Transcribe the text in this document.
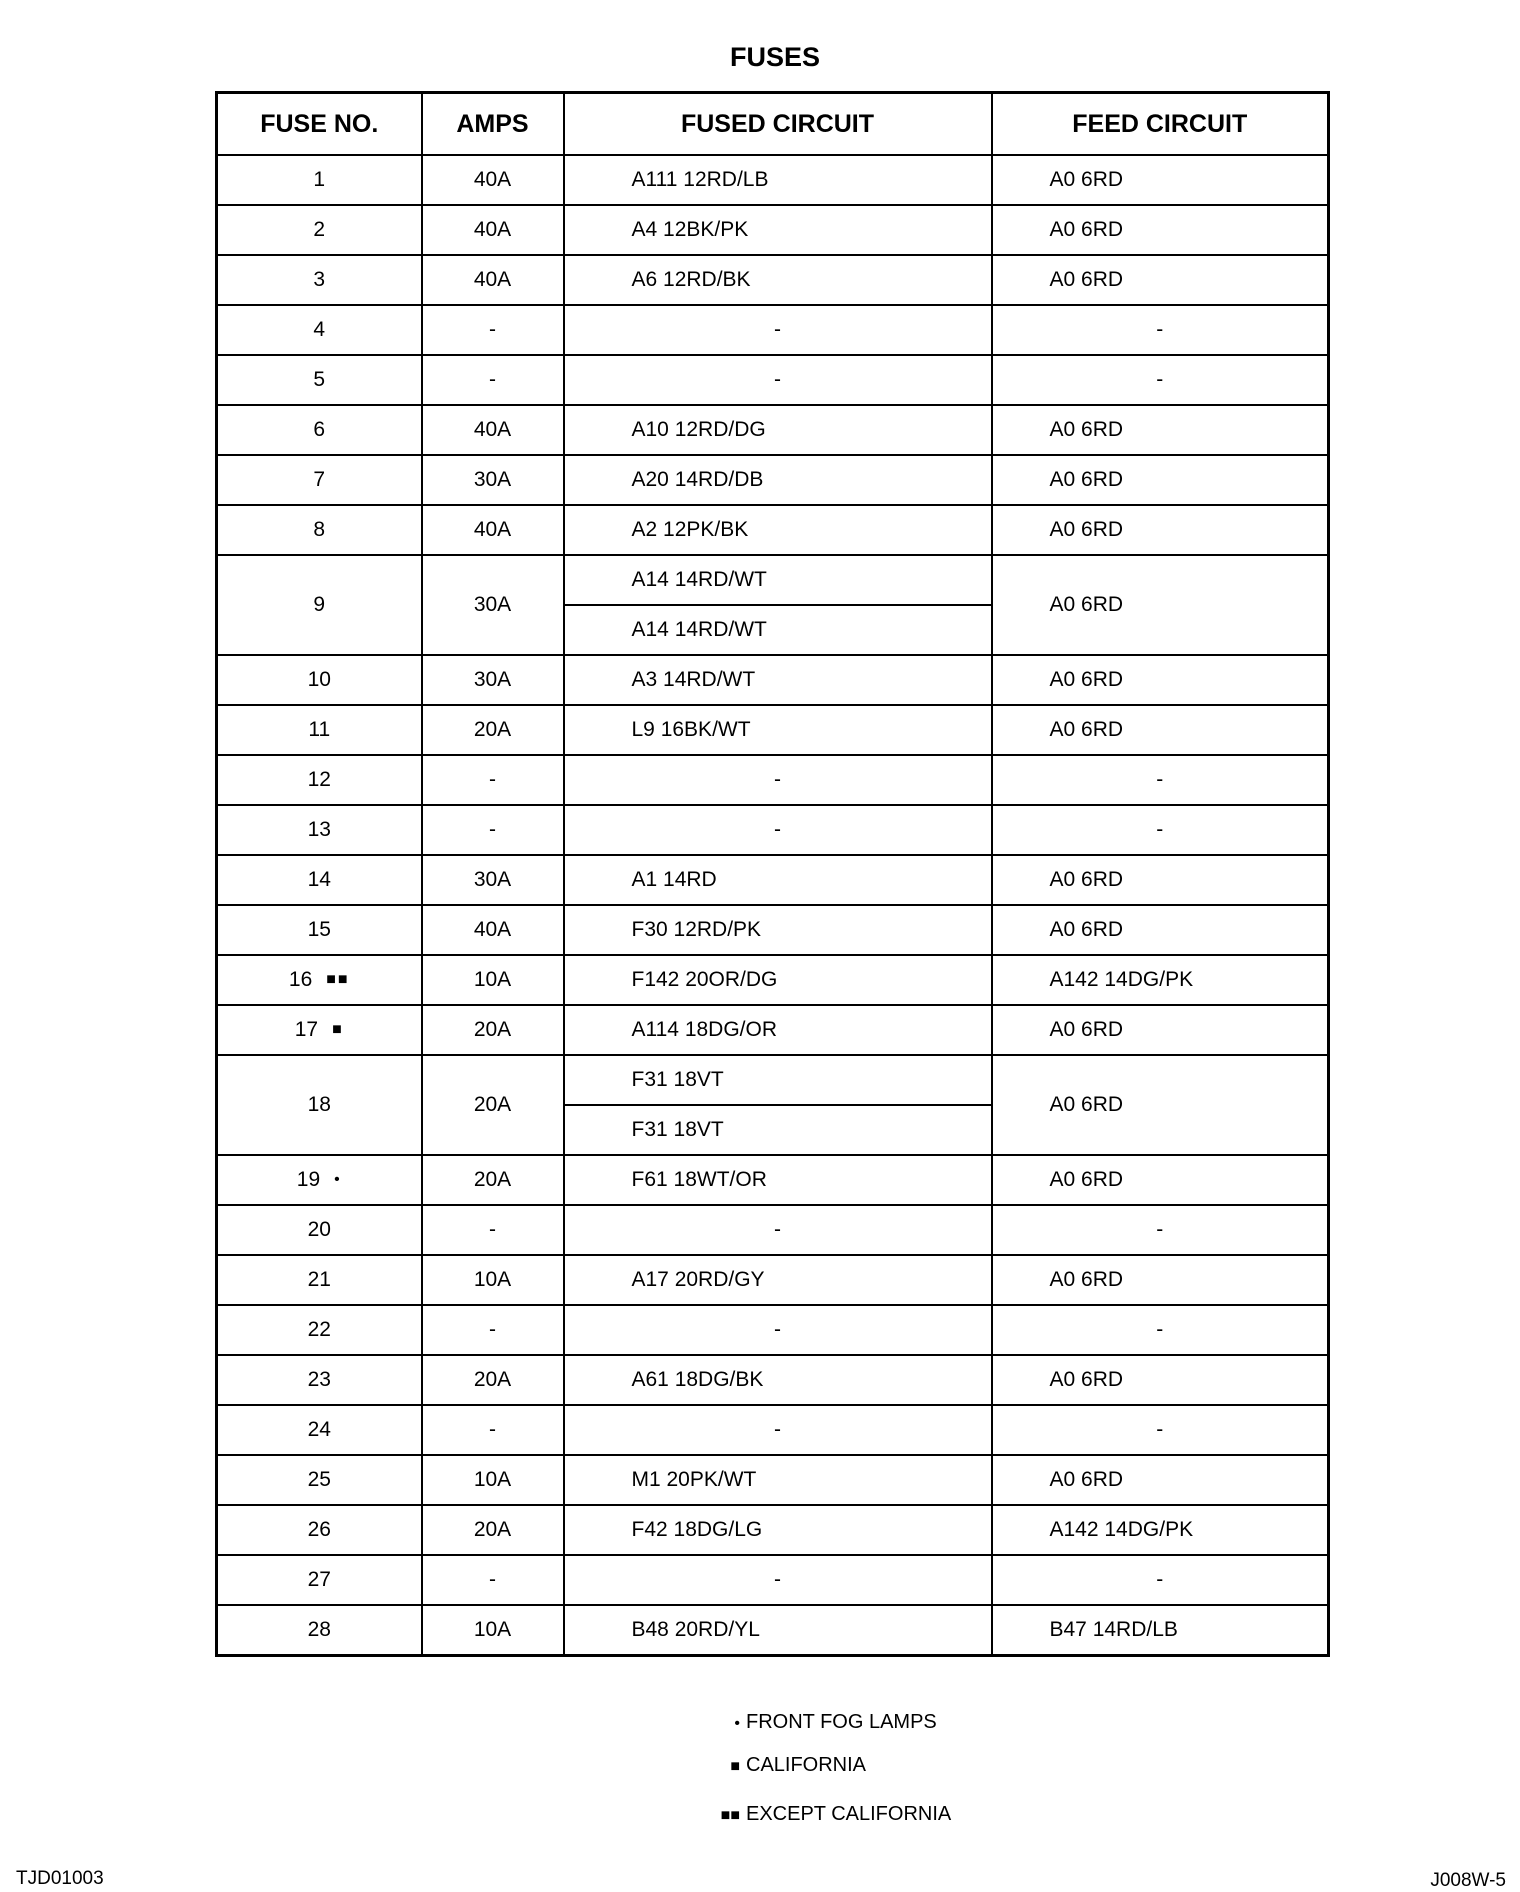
FUSES
FUSE NO.	AMPS	FUSED CIRCUIT	FEED CIRCUIT
1	40A	A111 12RD/LB	A0 6RD
2	40A	A4 12BK/PK	A0 6RD
3	40A	A6 12RD/BK	A0 6RD
4	-	-	-
5	-	-	-
6	40A	A10 12RD/DG	A0 6RD
7	30A	A20 14RD/DB	A0 6RD
8	40A	A2 12PK/BK	A0 6RD
9	30A	A14 14RD/WT	A0 6RD
		A14 14RD/WT	
10	30A	A3 14RD/WT	A0 6RD
11	20A	L9 16BK/WT	A0 6RD
12	-	-	-
13	-	-	-
14	30A	A1 14RD	A0 6RD
15	40A	F30 12RD/PK	A0 6RD
16 ■■	10A	F142 20OR/DG	A142 14DG/PK
17 ■	20A	A114 18DG/OR	A0 6RD
18	20A	F31 18VT	A0 6RD
		F31 18VT	
19 •	20A	F61 18WT/OR	A0 6RD
20	-	-	-
21	10A	A17 20RD/GY	A0 6RD
22	-	-	-
23	20A	A61 18DG/BK	A0 6RD
24	-	-	-
25	10A	M1 20PK/WT	A0 6RD
26	20A	F42 18DG/LG	A142 14DG/PK
27	-	-	-
28	10A	B48 20RD/YL	B47 14RD/LB
• FRONT FOG LAMPS
■ CALIFORNIA
■■ EXCEPT CALIFORNIA
TJD01003	J008W-5
